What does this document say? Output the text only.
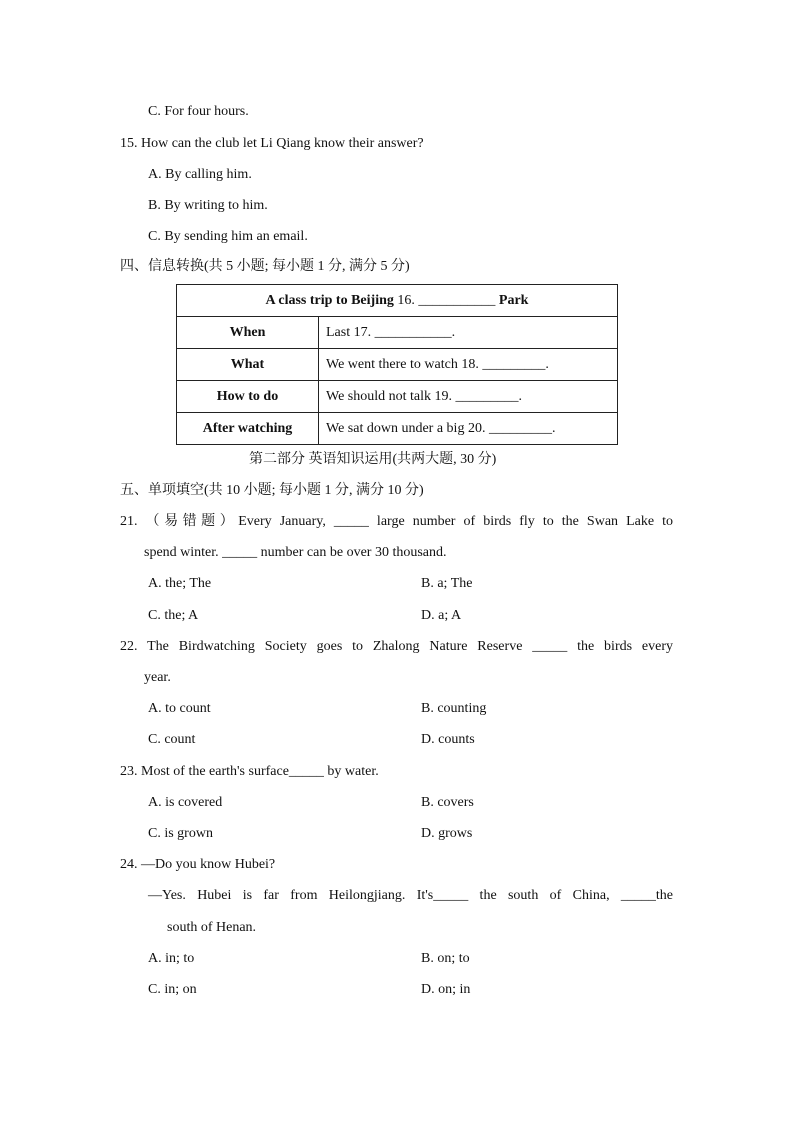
C. For four hours.
15. How can the club let Li Qiang know their answer?
A. By calling him.
B. By writing to him.
C. By sending him an email.
四、信息转换(共 5 小题; 每小题 1 分, 满分 5 分)
A class trip to Beijing 16. ___________ Park	
When	Last 17. ___________.
What	We went there to watch 18. _________.
How to do	We should not talk 19. _________.
After watching	We sat down under a big 20. _________.
第二部分 英语知识运用(共两大题, 30 分)
五、单项填空(共 10 小题; 每小题 1 分, 满分 10 分)
21. （易错题）Every January, _____ large number of birds fly to the Swan Lake to
spend winter. _____ number can be over 30 thousand.
A. the; The	B. a; The
C. the; A	D. a; A
22. The Birdwatching Society goes to Zhalong Nature Reserve _____ the birds every
year.
A. to count	B. counting
C. count	D. counts
23. Most of the earth's surface_____ by water.
A. is covered	B. covers
C. is grown	D. grows
24. —Do you know Hubei?
—Yes. Hubei is far from Heilongjiang. It's_____ the south of China, _____the
south of Henan.
A. in; to	B. on; to
C. in; on	D. on; in
